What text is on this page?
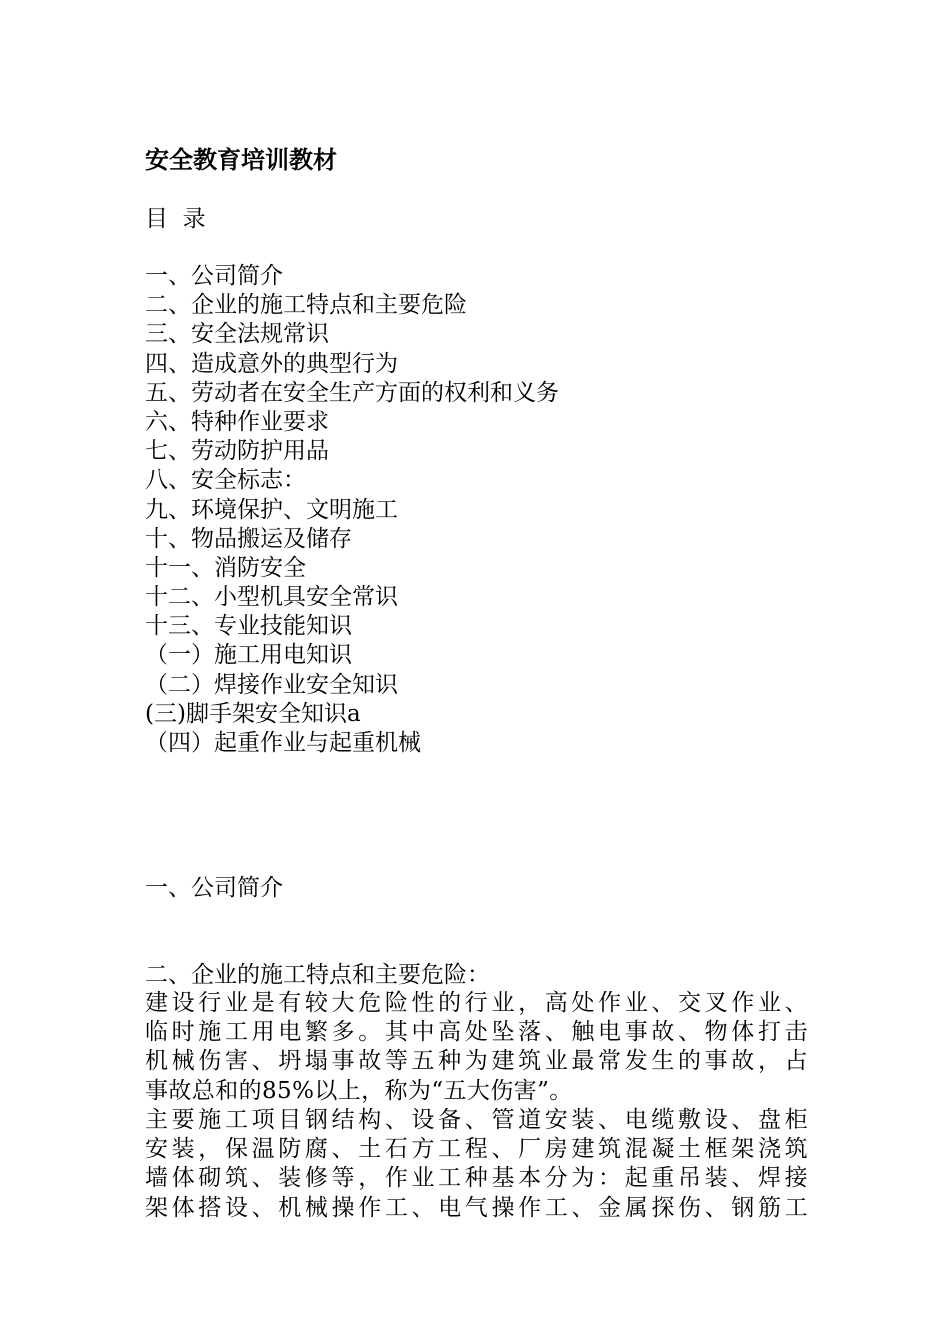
安全教育培训教材
目  录
一、公司简介
二、企业的施工特点和主要危险
三、安全法规常识
四、造成意外的典型行为
五、劳动者在安全生产方面的权利和义务
六、特种作业要求
七、劳动防护用品
八、安全标志：
九、环境保护、文明施工
十、物品搬运及储存
十一、消防安全
十二、小型机具安全常识
十三、专业技能知识
（一）施工用电知识
（二）焊接作业安全知识
(三)脚手架安全知识a
（四）起重作业与起重机械
一、公司简介
二、企业的施工特点和主要危险：
建设行业是有较大危险性的行业，高处作业、交叉作业、
临时施工用电繁多。其中高处坠落、触电事故、物体打击
机械伤害、坍塌事故等五种为建筑业最常发生的事故，占
事故总和的85%以上，称为“五大伤害”。
主要施工项目钢结构、设备、管道安装、电缆敷设、盘柜
安装，保温防腐、土石方工程、厂房建筑混凝土框架浇筑
墙体砌筑、装修等，作业工种基本分为：起重吊装、焊接
架体搭设、机械操作工、电气操作工、金属探伤、钢筋工
